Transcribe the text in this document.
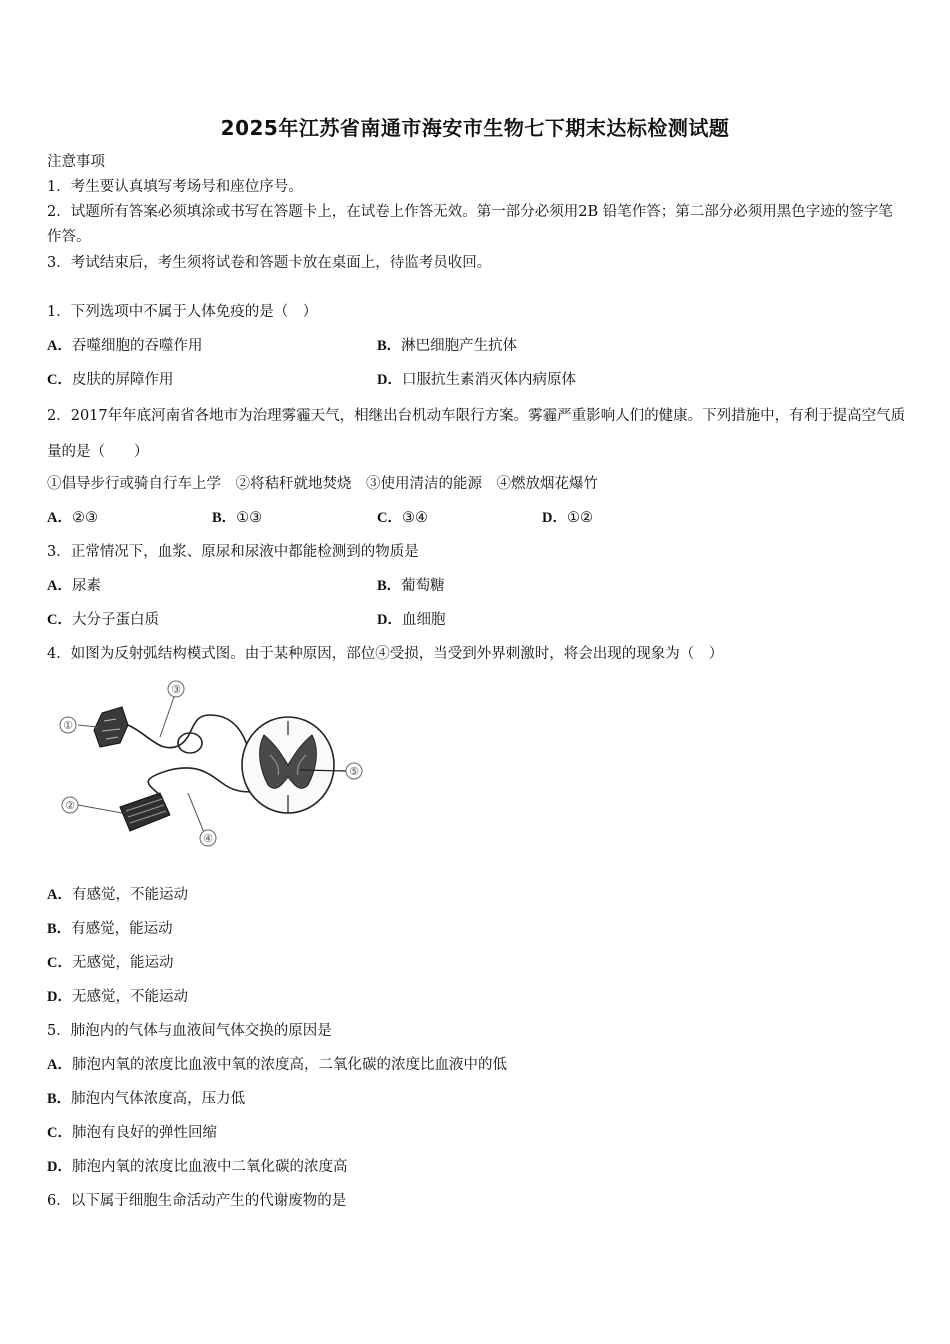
2025年江苏省南通市海安市生物七下期末达标检测试题
注意事项
1．考生要认真填写考场号和座位序号。
2．试题所有答案必须填涂或书写在答题卡上，在试卷上作答无效。第一部分必须用2B 铅笔作答；第二部分必须用黑色字迹的签字笔作答。
3．考试结束后，考生须将试卷和答题卡放在桌面上，待监考员收回。
1．下列选项中不属于人体免疫的是（　）
A．吞噬细胞的吞噬作用	B．淋巴细胞产生抗体
C．皮肤的屏障作用	D．口服抗生素消灭体内病原体
2．2017年年底河南省各地市为治理雾霾天气，相继出台机动车限行方案。雾霾严重影响人们的健康。下列措施中，有利于提高空气质量的是（　　）
①倡导步行或骑自行车上学　②将秸秆就地焚烧　③使用清洁的能源　④燃放烟花爆竹
A．②③	B．①③	C．③④	D．①②
3．正常情况下，血浆、原尿和尿液中都能检测到的物质是
A．尿素	B．葡萄糖
C．大分子蛋白质	D．血细胞
4．如图为反射弧结构模式图。由于某种原因，部位④受损，当受到外界刺激时，将会出现的现象为（　）
①
②
③
④
⑤
A．有感觉，不能运动
B．有感觉，能运动
C．无感觉，能运动
D．无感觉，不能运动
5．肺泡内的气体与血液间气体交换的原因是
A．肺泡内氧的浓度比血液中氧的浓度高，二氧化碳的浓度比血液中的低
B．肺泡内气体浓度高，压力低
C．肺泡有良好的弹性回缩
D．肺泡内氧的浓度比血液中二氧化碳的浓度高
6．以下属于细胞生命活动产生的代谢废物的是
